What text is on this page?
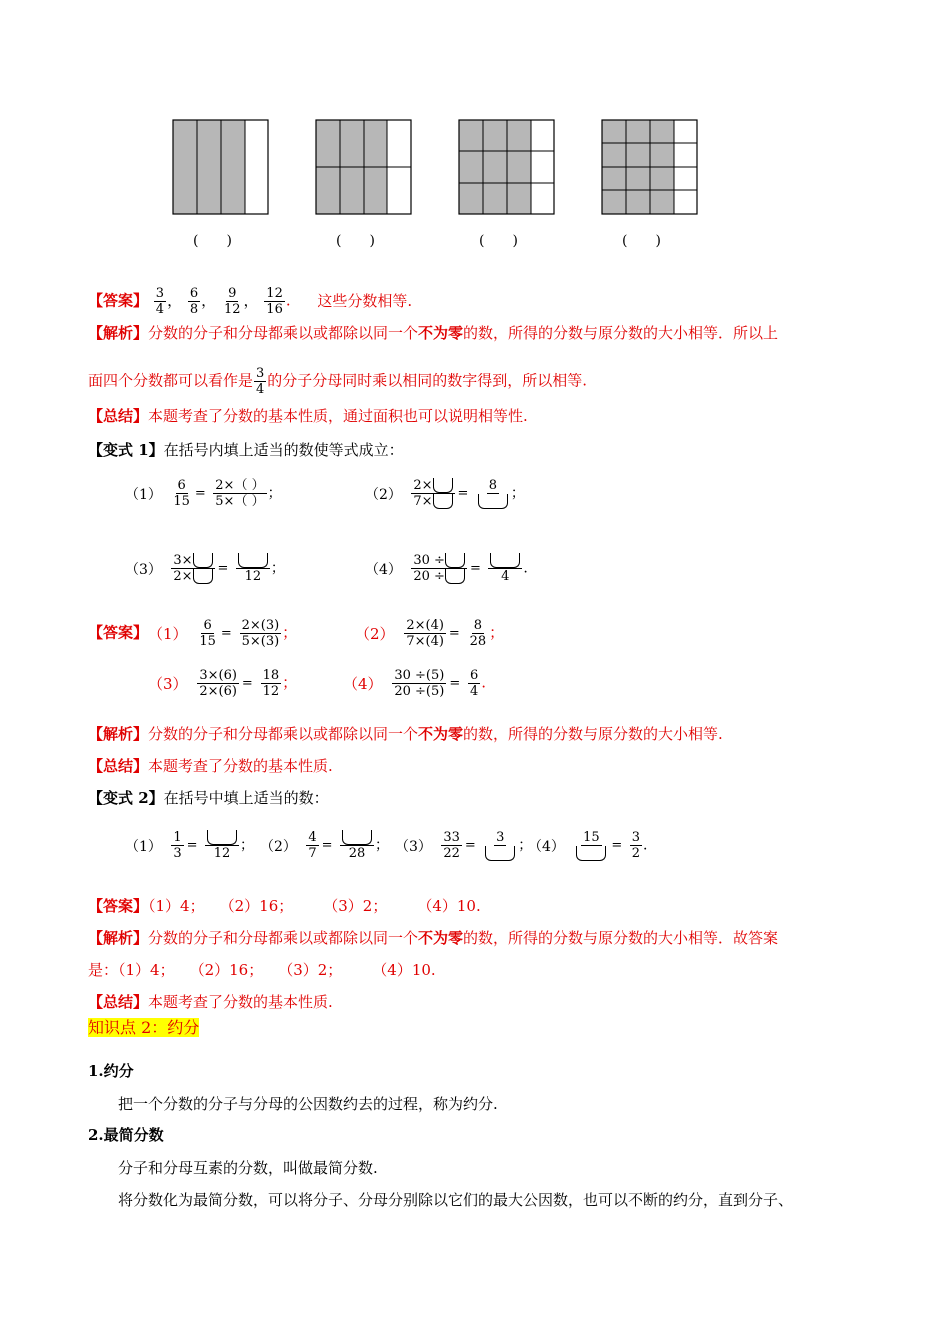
(　　)	(　　)	(　　)	(　　)
【答案】 $\frac{3}{4}$ ， $\frac{6}{8}$ ， $\frac{9}{12}$ ， $\frac{12}{16}$ . 这些分数相等.
【解析】分数的分子和分母都乘以或都除以同一个不为零的数，所得的分数与原分数的大小相等．所以上
面四个分数都可以看作是 $\frac{3}{4}$ 的分子分母同时乘以相同的数字得到，所以相等.
【总结】本题考查了分数的基本性质，通过面积也可以说明相等性.
【变式 1】在括号内填上适当的数使等式成立：
$(1) \frac{6}{15} = \frac{2\times( )}{5\times( )}$ ；	$(2) \frac{2\times}{7\times}$ =
8 ；
$(3) \frac{3\times}{2\times}$ =
12 ；	$(4) \frac{30 \div}{20 \div}$ =
4 .
【答案】$(1) \frac{6}{15} = \frac{2\times(3)}{5\times(3)}$ ；	$(2) \frac{2\times(4)}{7\times(4)} = \frac{8}{28}$ ；
$(3) \frac{3\times(6)}{2\times(6)} = \frac{18}{12}$ ；	$(4) \frac{30 \div(5)}{20 \div(5)} = \frac{6}{4}$ .
【解析】分数的分子和分母都乘以或都除以同一个不为零的数，所得的分数与原分数的大小相等.
【总结】本题考查了分数的基本性质.
【变式 2】在括号中填上适当的数：
$(1) \frac{1}{3}$ =
12 ； $(2) \frac{4}{7}$ =
28 ； $(3) \frac{33}{22}$ =
3 ；
（4）
15
= $\frac{3}{2}$ .
【答案】（1）4；　　（2）16；　　　（3）2；　　　（4）10.
【解析】分数的分子和分母都乘以或都除以同一个不为零的数，所得的分数与原分数的大小相等．故答案
是：（1）4；　　（2）16；　　（3）2；　　　（4）10.
【总结】本题考查了分数的基本性质.
知识点 2：约分
1.约分
把一个分数的分子与分母的公因数约去的过程，称为约分.
2.最简分数
分子和分母互素的分数，叫做最简分数.
将分数化为最简分数，可以将分子、分母分别除以它们的最大公因数，也可以不断的约分，直到分子、
